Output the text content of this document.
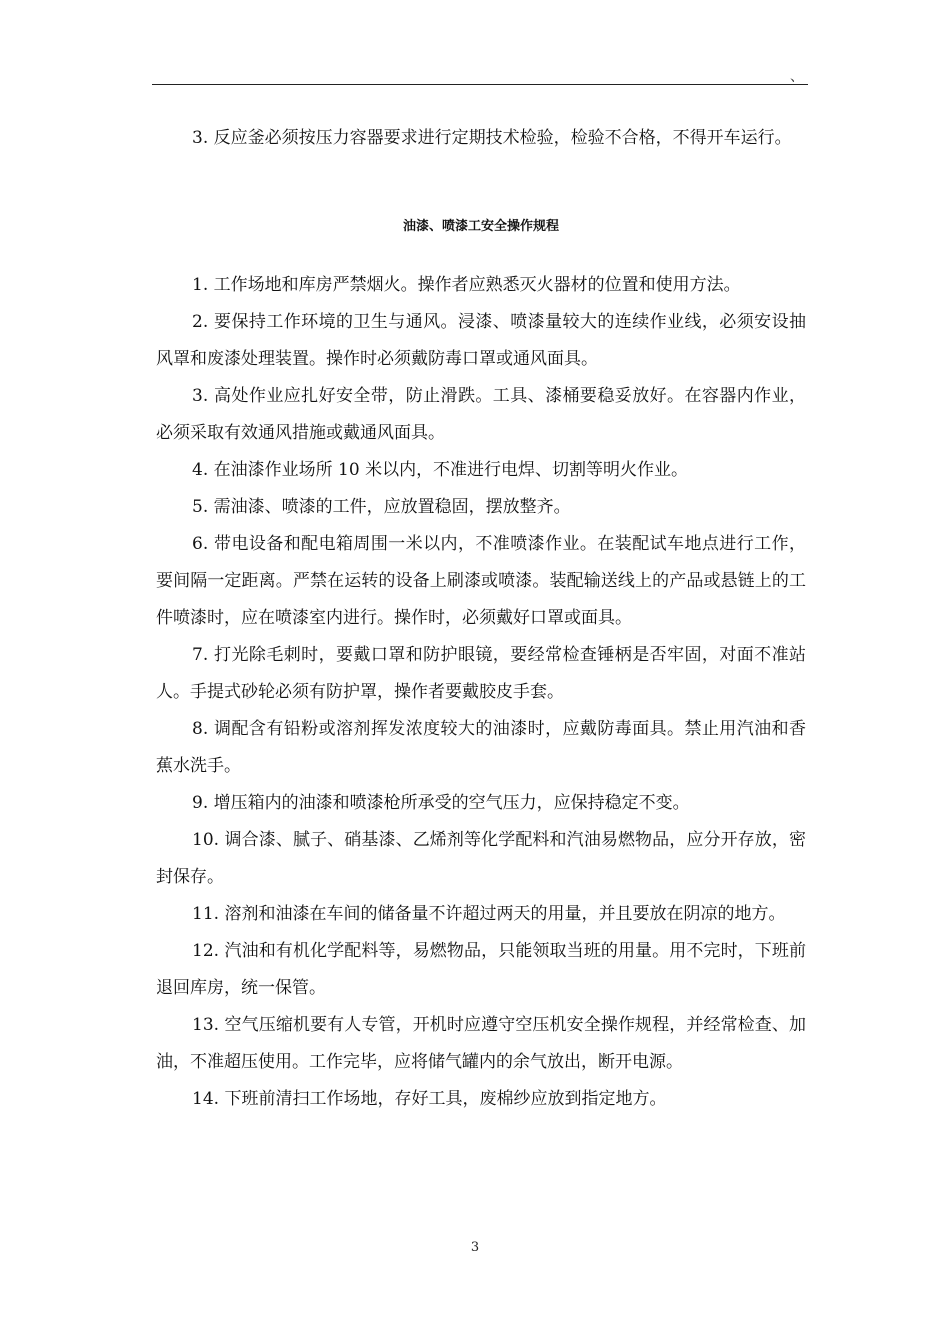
、

3. 反应釜必须按压力容器要求进行定期技术检验，检验不合格，不得开车运行。

油漆、喷漆工安全操作规程

1. 工作场地和库房严禁烟火。操作者应熟悉灭火器材的位置和使用方法。

2. 要保持工作环境的卫生与通风。浸漆、喷漆量较大的连续作业线，必须安设抽风罩和废漆处理装置。操作时必须戴防毒口罩或通风面具。

3. 高处作业应扎好安全带，防止滑跌。工具、漆桶要稳妥放好。在容器内作业，必须采取有效通风措施或戴通风面具。

4. 在油漆作业场所 10 米以内，不准进行电焊、切割等明火作业。

5. 需油漆、喷漆的工件，应放置稳固，摆放整齐。

6. 带电设备和配电箱周围一米以内，不准喷漆作业。在装配试车地点进行工作，要间隔一定距离。严禁在运转的设备上刷漆或喷漆。装配输送线上的产品或悬链上的工件喷漆时，应在喷漆室内进行。操作时，必须戴好口罩或面具。

7. 打光除毛刺时，要戴口罩和防护眼镜，要经常检查锤柄是否牢固，对面不准站人。手提式砂轮必须有防护罩，操作者要戴胶皮手套。

8. 调配含有铅粉或溶剂挥发浓度较大的油漆时，应戴防毒面具。禁止用汽油和香蕉水洗手。

9. 增压箱内的油漆和喷漆枪所承受的空气压力，应保持稳定不变。

10. 调合漆、腻子、硝基漆、乙烯剂等化学配料和汽油易燃物品，应分开存放，密封保存。

11. 溶剂和油漆在车间的储备量不许超过两天的用量，并且要放在阴凉的地方。

12. 汽油和有机化学配料等，易燃物品，只能领取当班的用量。用不完时，下班前退回库房，统一保管。

13. 空气压缩机要有人专管，开机时应遵守空压机安全操作规程，并经常检查、加油，不准超压使用。工作完毕，应将储气罐内的余气放出，断开电源。

14. 下班前清扫工作场地，存好工具，废棉纱应放到指定地方。

3
